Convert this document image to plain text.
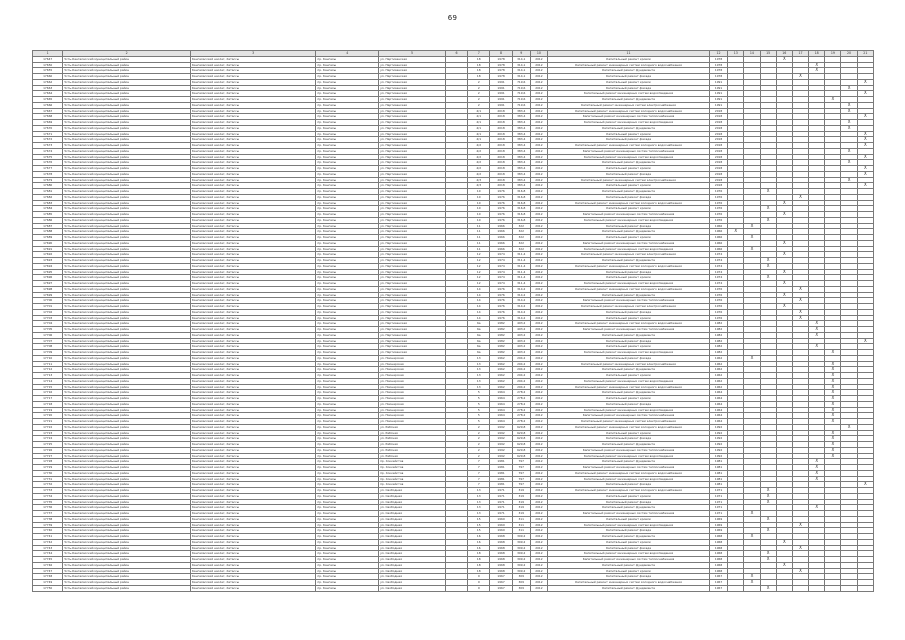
69
1	2	3	4	5	6	7	8	9	10	11	12	13	14	15	16	17	18	19	20	21
17647	Усть-Кангаласский муниципальный район	Кангаласский наслег, Хатассы	пр. Кангалы	ул. Партизанская		18	1978	314,1	2012	Капитальный ремонт кровли	1978				X					
17650	Усть-Кангаласский муниципальный район	Кангаласский наслег, Хатассы	пр. Кангалы	ул. Партизанская		18	1978	314,1	2012	Капитальный ремонт инженерных систем холодного водоснабжения	1978						X			
17655	Усть-Кангаласский муниципальный район	Кангаласский наслег, Хатассы	пр. Кангалы	ул. Партизанская		18	1978	314,1	2012	Капитальный ремонт фундамента	1978						X			
17660	Усть-Кангаласский муниципальный район	Кангаласский наслег, Хатассы	пр. Кангалы	ул. Партизанская		18	1978	314,1	2012	Капитальный ремонт фасада	1978					X				
17662	Усть-Кангаласский муниципальный район	Кангаласский наслег, Хатассы	пр. Кангалы	ул. Партизанская		2	1991	719,6	2012	Капитальный ремонт кровли	1991									X
17663	Усть-Кангаласский муниципальный район	Кангаласский наслег, Хатассы	пр. Кангалы	ул. Партизанская		2	1991	719,6	2012	Капитальный ремонт фасада	1991								X	
17664	Усть-Кангаласский муниципальный район	Кангаласский наслег, Хатассы	пр. Кангалы	ул. Партизанская		2	1991	719,6	2012	Капитальный ремонт инженерных систем водоотведения	1991									X
17665	Усть-Кангаласский муниципальный район	Кангаласский наслег, Хатассы	пр. Кангалы	ул. Партизанская		2	1991	719,6	2012	Капитальный ремонт фундамента	1991							X		
17666	Усть-Кангаласский муниципальный район	Кангаласский наслег, Хатассы	пр. Кангалы	ул. Партизанская		2	1991	719,6	2012	Капитальный ремонт инженерных систем электроснабжения	1991								X	
17667	Усть-Кангаласский муниципальный район	Кангаласский наслег, Хатассы	пр. Кангалы	ул. Партизанская		4/1	2018	383,4	2012	Капитальный ремонт инженерных систем холодного водоснабжения	2018								X	
17668	Усть-Кангаласский муниципальный район	Кангаласский наслег, Хатассы	пр. Кангалы	ул. Партизанская		4/1	2018	383,4	2012	Капитальный ремонт инженерных систем теплоснабжения	2018									X
17669	Усть-Кангаласский муниципальный район	Кангаласский наслег, Хатассы	пр. Кангалы	ул. Партизанская		4/1	2018	383,4	2012	Капитальный ремонт инженерных систем водоотведения	2018								X	
17670	Усть-Кангаласский муниципальный район	Кангаласский наслег, Хатассы	пр. Кангалы	ул. Партизанская		4/1	2018	383,4	2012	Капитальный ремонт фундамента	2018								X	
17671	Усть-Кангаласский муниципальный район	Кангаласский наслег, Хатассы	пр. Кангалы	ул. Партизанская		4/1	2018	383,4	2012	Капитальный ремонт кровли	2018									X
17672	Усть-Кангаласский муниципальный район	Кангаласский наслег, Хатассы	пр. Кангалы	ул. Партизанская		4/1	2018	383,4	2012	Капитальный ремонт фасада	2018									X
17673	Усть-Кангаласский муниципальный район	Кангаласский наслег, Хатассы	пр. Кангалы	ул. Партизанская		4/2	2018	383,4	2012	Капитальный ремонт инженерных систем холодного водоснабжения	2018									X
17674	Усть-Кангаласский муниципальный район	Кангаласский наслег, Хатассы	пр. Кангалы	ул. Партизанская		4/2	2018	383,4	2012	Капитальный ремонт инженерных систем теплоснабжения	2018								X	
17675	Усть-Кангаласский муниципальный район	Кангаласский наслег, Хатассы	пр. Кангалы	ул. Партизанская		4/2	2018	383,4	2012	Капитальный ремонт инженерных систем водоотведения	2018									X
17676	Усть-Кангаласский муниципальный район	Кангаласский наслег, Хатассы	пр. Кангалы	ул. Партизанская		4/2	2018	383,4	2012	Капитальный ремонт фундамента	2018								X	
17677	Усть-Кангаласский муниципальный район	Кангаласский наслег, Хатассы	пр. Кангалы	ул. Партизанская		4/2	2018	383,4	2012	Капитальный ремонт кровли	2018									X
17678	Усть-Кангаласский муниципальный район	Кангаласский наслег, Хатассы	пр. Кангалы	ул. Партизанская		4/2	2018	383,4	2012	Капитальный ремонт фасада	2018									X
17679	Усть-Кангаласский муниципальный район	Кангаласский наслег, Хатассы	пр. Кангалы	ул. Партизанская		4/3	2018	383,4	2012	Капитальный ремонт инженерных систем электроснабжения	2018								X	
17680	Усть-Кангаласский муниципальный район	Кангаласский наслег, Хатассы	пр. Кангалы	ул. Партизанская		4/3	2018	383,4	2012	Капитальный ремонт кровли	2018									X
17681	Усть-Кангаласский муниципальный район	Кангаласский наслег, Хатассы	пр. Кангалы	ул. Партизанская		10	1976	316,8	2012	Капитальный ремонт фундамента	1976			X						
17682	Усть-Кангаласский муниципальный район	Кангаласский наслег, Хатассы	пр. Кангалы	ул. Партизанская		10	1976	316,8	2012	Капитальный ремонт фасада	1976					X				
17683	Усть-Кангаласский муниципальный район	Кангаласский наслег, Хатассы	пр. Кангалы	ул. Партизанская		10	1976	316,8	2012	Капитальный ремонт инженерных систем холодного водоснабжения	1976				X					
17684	Усть-Кангаласский муниципальный район	Кангаласский наслег, Хатассы	пр. Кангалы	ул. Партизанская		10	1976	316,8	2012	Капитальный ремонт кровли	1976			X						
17685	Усть-Кангаласский муниципальный район	Кангаласский наслег, Хатассы	пр. Кангалы	ул. Партизанская		10	1976	316,8	2012	Капитальный ремонт инженерных систем теплоснабжения	1976				X					
17686	Усть-Кангаласский муниципальный район	Кангаласский наслег, Хатассы	пр. Кангалы	ул. Партизанская		10	1976	316,8	2012	Капитальный ремонт инженерных систем водоотведения	1976			X						
17687	Усть-Кангаласский муниципальный район	Кангаласский наслег, Хатассы	пр. Кангалы	ул. Партизанская		11	1966	322	2012	Капитальный ремонт фасада	1966		X							
17688	Усть-Кангаласский муниципальный район	Кангаласский наслег, Хатассы	пр. Кангалы	ул. Партизанская		11	1966	322	2012	Капитальный ремонт фундамента	1966	X								
17689	Усть-Кангаласский муниципальный район	Кангаласский наслег, Хатассы	пр. Кангалы	ул. Партизанская		11	1966	322	2012	Капитальный ремонт кровли	1966		X							
17690	Усть-Кангаласский муниципальный район	Кангаласский наслег, Хатассы	пр. Кангалы	ул. Партизанская		11	1966	322	2012	Капитальный ремонт инженерных систем теплоснабжения	1966				X					
17691	Усть-Кангаласский муниципальный район	Кангаласский наслег, Хатассы	пр. Кангалы	ул. Партизанская		11	1966	322	2012	Капитальный ремонт инженерных систем водоотведения	1966		X							
17692	Усть-Кангаласский муниципальный район	Кангаласский наслег, Хатассы	пр. Кангалы	ул. Партизанская		12	1974	311,4	2012	Капитальный ремонт инженерных систем электроснабжения	1974				X					
17693	Усть-Кангаласский муниципальный район	Кангаласский наслег, Хатассы	пр. Кангалы	ул. Партизанская		12	1974	311,4	2012	Капитальный ремонт фундамента	1974			X						
17694	Усть-Кангаласский муниципальный район	Кангаласский наслег, Хатассы	пр. Кангалы	ул. Партизанская		12	1974	311,4	2012	Капитальный ремонт инженерных систем холодного водоснабжения	1974			X						
17695	Усть-Кангаласский муниципальный район	Кангаласский наслег, Хатассы	пр. Кангалы	ул. Партизанская		12	1974	311,4	2012	Капитальный ремонт фасада	1974				X					
17696	Усть-Кангаласский муниципальный район	Кангаласский наслег, Хатассы	пр. Кангалы	ул. Партизанская		12	1974	311,4	2012	Капитальный ремонт кровли	1974			X						
17697	Усть-Кангаласский муниципальный район	Кангаласский наслег, Хатассы	пр. Кангалы	ул. Партизанская		12	1974	311,4	2012	Капитальный ремонт инженерных систем водоотведения	1974				X					
17698	Усть-Кангаласский муниципальный район	Кангаласский наслег, Хатассы	пр. Кангалы	ул. Партизанская		14	1976	314,2	2012	Капитальный ремонт инженерных систем холодного водоснабжения	1976					X				
17699	Усть-Кангаласский муниципальный район	Кангаласский наслег, Хатассы	пр. Кангалы	ул. Партизанская		14	1976	314,2	2012	Капитальный ремонт фундамента	1976				X					
17700	Усть-Кангаласский муниципальный район	Кангаласский наслег, Хатассы	пр. Кангалы	ул. Партизанская		14	1976	314,2	2012	Капитальный ремонт инженерных систем теплоснабжения	1976					X				
17701	Усть-Кангаласский муниципальный район	Кангаласский наслег, Хатассы	пр. Кангалы	ул. Партизанская		14	1976	314,2	2012	Капитальный ремонт инженерных систем электроснабжения	1976				X					
17702	Усть-Кангаласский муниципальный район	Кангаласский наслег, Хатассы	пр. Кангалы	ул. Партизанская		14	1976	314,2	2012	Капитальный ремонт фасада	1976					X				
17703	Усть-Кангаласский муниципальный район	Кангаласский наслег, Хатассы	пр. Кангалы	ул. Партизанская		14	1976	314,2	2012	Капитальный ремонт кровли	1976					X				
17704	Усть-Кангаласский муниципальный район	Кангаласский наслег, Хатассы	пр. Кангалы	ул. Партизанская		6а	1982	493,2	2012	Капитальный ремонт инженерных систем холодного водоснабжения	1982						X			
17705	Усть-Кангаласский муниципальный район	Кангаласский наслег, Хатассы	пр. Кангалы	ул. Партизанская		6а	1982	493,2	2012	Капитальный ремонт инженерных систем теплоснабжения	1982						X			
17706	Усть-Кангаласский муниципальный район	Кангаласский наслег, Хатассы	пр. Кангалы	ул. Партизанская		6а	1982	493,2	2012	Капитальный ремонт фундамента	1982						X			
17707	Усть-Кангаласский муниципальный район	Кангаласский наслег, Хатассы	пр. Кангалы	ул. Партизанская		6а	1982	493,2	2012	Капитальный ремонт фасада	1982									X
17708	Усть-Кангаласский муниципальный район	Кангаласский наслег, Хатассы	пр. Кангалы	ул. Партизанская		6а	1982	493,2	2012	Капитальный ремонт кровли	1982						X			
17709	Усть-Кангаласский муниципальный район	Кангаласский наслег, Хатассы	пр. Кангалы	ул. Партизанская		6а	1982	493,2	2012	Капитальный ремонт инженерных систем водоотведения	1982							X		
17710	Усть-Кангаласский муниципальный район	Кангаласский наслег, Хатассы	пр. Кангалы	ул. Пионерская		13	1962	294,2	2012	Капитальный ремонт фасада	1962		X							
17711	Усть-Кангаласский муниципальный район	Кангаласский наслег, Хатассы	пр. Кангалы	ул. Пионерская		13	1962	294,2	2012	Капитальный ремонт инженерных систем электроснабжения	1962							X		
17712	Усть-Кангаласский муниципальный район	Кангаласский наслег, Хатассы	пр. Кангалы	ул. Пионерская		13	1962	294,2	2012	Капитальный ремонт фундамента	1962							X		
17713	Усть-Кангаласский муниципальный район	Кангаласский наслег, Хатассы	пр. Кангалы	ул. Пионерская		13	1962	294,2	2012	Капитальный ремонт кровли	1962							X		
17714	Усть-Кангаласский муниципальный район	Кангаласский наслег, Хатассы	пр. Кангалы	ул. Пионерская		13	1962	294,2	2012	Капитальный ремонт инженерных систем водоотведения	1962							X		
17715	Усть-Кангаласский муниципальный район	Кангаласский наслег, Хатассы	пр. Кангалы	ул. Пионерская		13	1962	294,2	2012	Капитальный ремонт инженерных систем холодного водоснабжения	1962							X		
17716	Усть-Кангаласский муниципальный район	Кангаласский наслег, Хатассы	пр. Кангалы	ул. Пионерская		5	1964	278,2	2012	Капитальный ремонт фундамента	1964							X		
17717	Усть-Кангаласский муниципальный район	Кангаласский наслег, Хатассы	пр. Кангалы	ул. Пионерская		5	1964	278,2	2012	Капитальный ремонт кровли	1964							X		
17718	Усть-Кангаласский муниципальный район	Кангаласский наслег, Хатассы	пр. Кангалы	ул. Пионерская		5	1964	278,2	2012	Капитальный ремонт фасада	1964							X		
17719	Усть-Кангаласский муниципальный район	Кангаласский наслег, Хатассы	пр. Кангалы	ул. Пионерская		5	1964	278,2	2012	Капитальный ремонт инженерных систем водоотведения	1964							X		
17720	Усть-Кангаласский муниципальный район	Кангаласский наслег, Хатассы	пр. Кангалы	ул. Пионерская		5	1964	278,2	2012	Капитальный ремонт инженерных систем теплоснабжения	1964							X		
17721	Усть-Кангаласский муниципальный район	Кангаласский наслег, Хатассы	пр. Кангалы	ул. Пионерская		5	1964	278,2	2012	Капитальный ремонт инженерных систем электроснабжения	1964							X		
17722	Усть-Кангаласский муниципальный район	Кангаласский наслег, Хатассы	пр. Кангалы	ул. Рабочая		2	1992	629,8	2012	Капитальный ремонт инженерных систем холодного водоснабжения	1992								X	
17723	Усть-Кангаласский муниципальный район	Кангаласский наслег, Хатассы	пр. Кангалы	ул. Рабочая		2	1992	629,8	2012	Капитальный ремонт кровли	1992							X		
17724	Усть-Кангаласский муниципальный район	Кангаласский наслег, Хатассы	пр. Кангалы	ул. Рабочая		2	1992	629,8	2012	Капитальный ремонт фасада	1992							X		
17725	Усть-Кангаласский муниципальный район	Кангаласский наслег, Хатассы	пр. Кангалы	ул. Рабочая		2	1992	629,8	2012	Капитальный ремонт фундамента	1992							X		
17726	Усть-Кангаласский муниципальный район	Кангаласский наслег, Хатассы	пр. Кангалы	ул. Рабочая		2	1992	629,8	2012	Капитальный ремонт инженерных систем теплоснабжения	1992							X		
17727	Усть-Кангаласский муниципальный район	Кангаласский наслег, Хатассы	пр. Кангалы	ул. Рабочая		2	1992	629,8	2012	Капитальный ремонт инженерных систем водоотведения	1992							X		
17728	Усть-Кангаласский муниципальный район	Кангаласский наслег, Хатассы	пр. Кангалы	пр. Хоккейстов		7	1981	797	2012	Капитальный ремонт фундамента	1981						X			
17729	Усть-Кангаласский муниципальный район	Кангаласский наслег, Хатассы	пр. Кангалы	пр. Хоккейстов		7	1981	797	2012	Капитальный ремонт инженерных систем теплоснабжения	1981						X			
17730	Усть-Кангаласский муниципальный район	Кангаласский наслег, Хатассы	пр. Кангалы	пр. Хоккейстов		7	1981	797	2012	Капитальный ремонт инженерных систем холодного водоснабжения	1981						X			
17731	Усть-Кангаласский муниципальный район	Кангаласский наслег, Хатассы	пр. Кангалы	пр. Хоккейстов		7	1981	797	2012	Капитальный ремонт инженерных систем водоотведения	1981						X			
17732	Усть-Кангаласский муниципальный район	Кангаласский наслег, Хатассы	пр. Кангалы	пр. Хоккейстов		7	1981	797	2012	Капитальный ремонт фасада	1981									X
17733	Усть-Кангаласский муниципальный район	Кангаласский наслег, Хатассы	пр. Кангалы	ул. Свободная		13	1971	319	2012	Капитальный ремонт инженерных систем холодного водоснабжения	1971			X						
17734	Усть-Кангаласский муниципальный район	Кангаласский наслег, Хатассы	пр. Кангалы	ул. Свободная		13	1971	319	2012	Капитальный ремонт кровли	1971			X						
17735	Усть-Кангаласский муниципальный район	Кангаласский наслег, Хатассы	пр. Кангалы	ул. Свободная		13	1971	319	2012	Капитальный ремонт фасада	1971			X						
17736	Усть-Кангаласский муниципальный район	Кангаласский наслег, Хатассы	пр. Кангалы	ул. Свободная		13	1971	319	2012	Капитальный ремонт фундамента	1971						X			
17737	Усть-Кангаласский муниципальный район	Кангаласский наслег, Хатассы	пр. Кангалы	ул. Свободная		13	1971	319	2012	Капитальный ремонт инженерных систем теплоснабжения	1971		X							
17738	Усть-Кангаласский муниципальный район	Кангаласский наслег, Хатассы	пр. Кангалы	ул. Свободная		15	1969	311	2012	Капитальный ремонт кровли	1969			X						
17739	Усть-Кангаласский муниципальный район	Кангаласский наслег, Хатассы	пр. Кангалы	ул. Свободная		15	1969	311	2012	Капитальный ремонт инженерных систем водоотведения	1969					X				
17740	Усть-Кангаласский муниципальный район	Кангаласский наслег, Хатассы	пр. Кангалы	ул. Свободная		15	1969	311	2012	Капитальный ремонт фасада	1969			X						
17741	Усть-Кангаласский муниципальный район	Кангаласский наслег, Хатассы	пр. Кангалы	ул. Свободная		16	1968	309,2	2012	Капитальный ремонт фундамента	1968		X							
17742	Усть-Кангаласский муниципальный район	Кангаласский наслег, Хатассы	пр. Кангалы	ул. Свободная		16	1968	309,2	2012	Капитальный ремонт кровли	1968				X					
17743	Усть-Кангаласский муниципальный район	Кангаласский наслег, Хатассы	пр. Кангалы	ул. Свободная		16	1968	309,2	2012	Капитальный ремонт фасада	1968					X				
17744	Усть-Кангаласский муниципальный район	Кангаласский наслег, Хатассы	пр. Кангалы	ул. Свободная		18	1968	309,2	2012	Капитальный ремонт инженерных систем водоотведения	1968			X						
17745	Усть-Кангаласский муниципальный район	Кангаласский наслег, Хатассы	пр. Кангалы	ул. Свободная		18	1968	309,2	2012	Капитальный ремонт инженерных систем теплоснабжения	1968			X						
17746	Усть-Кангаласский муниципальный район	Кангаласский наслег, Хатассы	пр. Кангалы	ул. Свободная		18	1968	309,2	2012	Капитальный ремонт фундамента	1968				X					
17747	Усть-Кангаласский муниципальный район	Кангаласский наслег, Хатассы	пр. Кангалы	ул. Свободная		18	1968	309,2	2012	Капитальный ремонт кровли	1968					X				
17748	Усть-Кангаласский муниципальный район	Кангаласский наслег, Хатассы	пр. Кангалы	ул. Свободная		9	1967	309	2012	Капитальный ремонт фасада	1967		X							
17749	Усть-Кангаласский муниципальный район	Кангаласский наслег, Хатассы	пр. Кангалы	ул. Свободная		9	1967	309	2012	Капитальный ремонт инженерных систем холодного водоснабжения	1967		X							
17750	Усть-Кангаласский муниципальный район	Кангаласский наслег, Хатассы	пр. Кангалы	ул. Свободная		9	1967	309	2012	Капитальный ремонт фундамента	1967			X						
